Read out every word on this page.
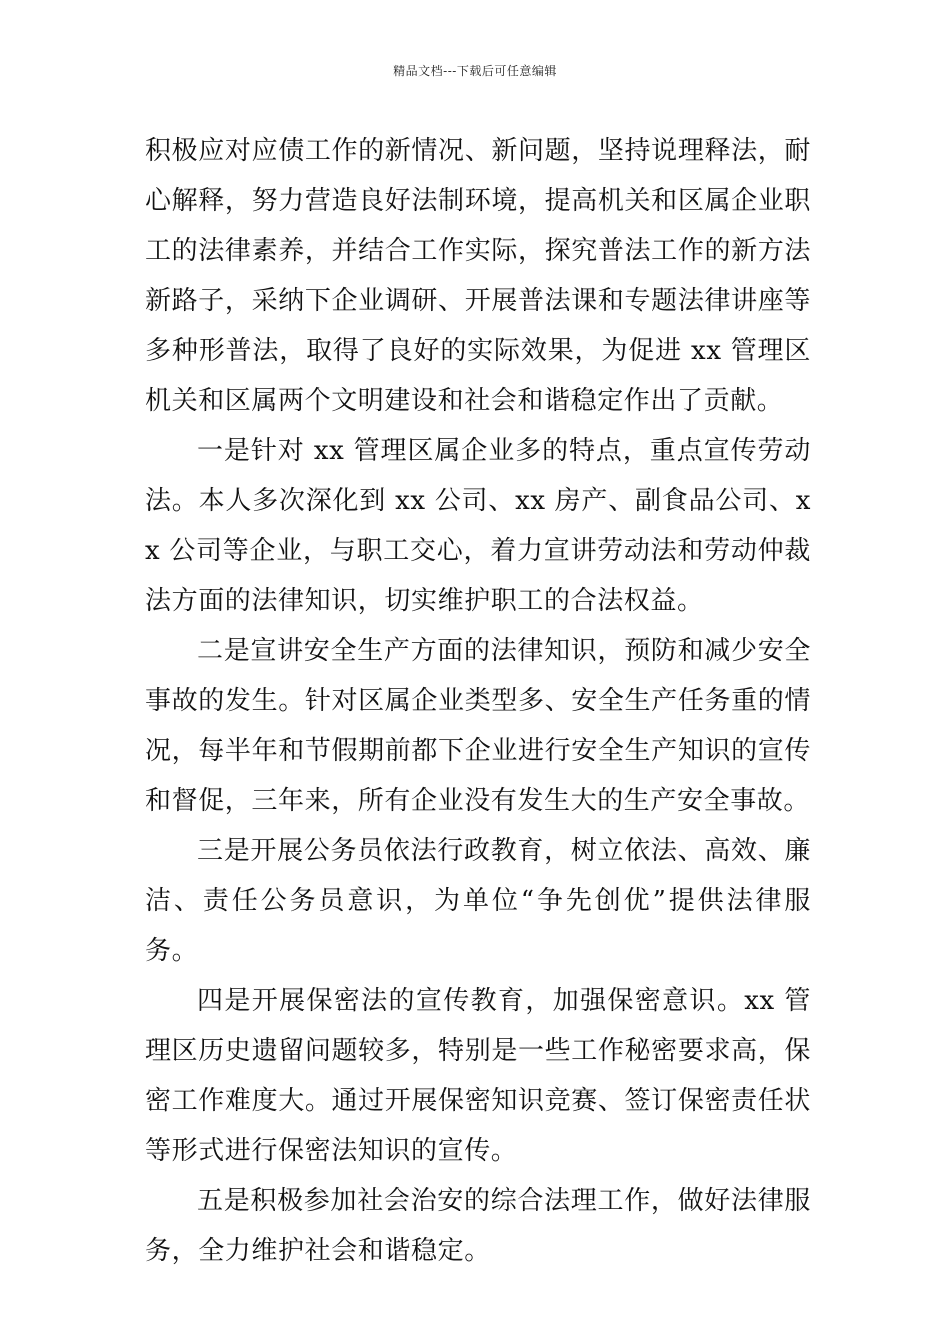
精品文档---下载后可任意编辑

积极应对应债工作的新情况、新问题，坚持说理释法，耐心解释，努力营造良好法制环境，提高机关和区属企业职工的法律素养，并结合工作实际，探究普法工作的新方法新路子，采纳下企业调研、开展普法课和专题法律讲座等多种形普法，取得了良好的实际效果，为促进 xx 管理区机关和区属两个文明建设和社会和谐稳定作出了贡献。

一是针对 xx 管理区属企业多的特点，重点宣传劳动法。本人多次深化到 xx 公司、xx 房产、副食品公司、xx 公司等企业，与职工交心，着力宣讲劳动法和劳动仲裁法方面的法律知识，切实维护职工的合法权益。

二是宣讲安全生产方面的法律知识，预防和减少安全事故的发生。针对区属企业类型多、安全生产任务重的情况，每半年和节假期前都下企业进行安全生产知识的宣传和督促，三年来，所有企业没有发生大的生产安全事故。

三是开展公务员依法行政教育，树立依法、高效、廉洁、责任公务员意识，为单位“争先创优”提供法律服务。

四是开展保密法的宣传教育，加强保密意识。xx 管理区历史遗留问题较多，特别是一些工作秘密要求高，保密工作难度大。通过开展保密知识竞赛、签订保密责任状等形式进行保密法知识的宣传。

五是积极参加社会治安的综合法理工作，做好法律服务，全力维护社会和谐稳定。
